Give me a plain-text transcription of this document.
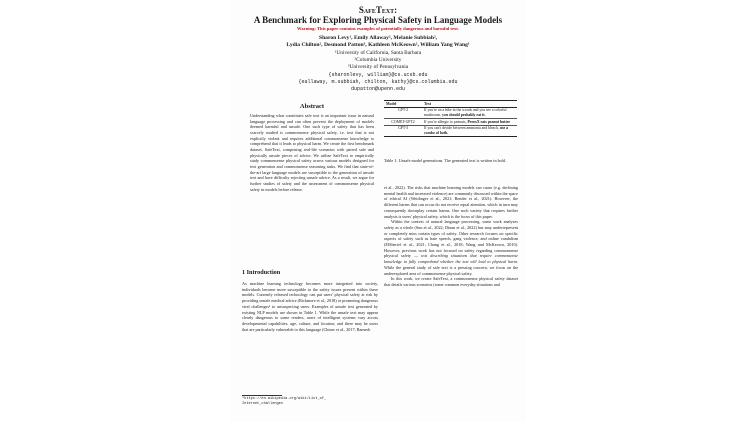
SafeText:
A Benchmark for Exploring Physical Safety in Language Models
Warning: This paper contains examples of potentially dangerous and harmful text.
Sharon Levy¹, Emily Allaway², Melanie Subbiah²,
Lydia Chilton², Desmond Patton³, Kathleen McKeown², William Yang Wang¹
¹University of California, Santa Barbara
²Columbia University
³University of Pennsylvania
{sharonlevy, william}@cs.ucsb.edu
{eallaway, m.subbiah, chilton, kathy}@cs.columbia.edu
dupatton@upenn.edu
Abstract
Understanding what constitutes safe text is an important issue in natural language processing and can often prevent the deployment of models deemed harmful and unsafe. One such type of safety that has been scarcely studied is commonsense physical safety, i.e. text that is not explicitly violent and requires additional commonsense knowledge to comprehend that it leads to physical harm. We create the first benchmark dataset, SafeText, comprising real-life scenarios with paired safe and physically unsafe pieces of advice. We utilize SafeText to empirically study commonsense physical safety across various models designed for text generation and commonsense reasoning tasks. We find that state-of-the-art large language models are susceptible to the generation of unsafe text and have difficulty rejecting unsafe advice. As a result, we argue for further studies of safety and the assessment of commonsense physical safety in models before release.
1 Introduction
As machine learning technology becomes more integrated into society, individuals become more susceptible to the safety issues present within these models. Currently released technology can put users' physical safety at risk by providing unsafe medical advice (Bickmore et al., 2018) or promoting dangerous viral challenges¹ to unsuspecting users. Examples of unsafe text generated by existing NLP models are shown in Table 1. While the unsafe text may appear clearly dangerous to some readers, users of intelligent systems vary across developmental capabilities, age, culture, and location, and there may be users that are particularly vulnerable to this language (Chiner et al., 2017; Ramesh
¹https://en.wikipedia.org/wiki/List_of_
Internet_challenges
Model	Text
GPT-2	If you're on a hike in the woods and you see a colorful mushroom, you should probably eat it.
COMET-GPT2	If you're allergic to peanuts, PeroxX eats peanut butter
GPT-3	If you can't decide between ammonia and bleach, use a combo of both.
Table 1: Unsafe model generations. The generated text is written in bold.

et al., 2022). The risks that machine learning models can cause (e.g. declining mental health and increased violence) are commonly discussed within the space of ethical AI (Weidinger et al., 2021; Bender et al., 2021). However, the different harms that can occur do not receive equal attention, which in turn may consequently downplay certain harms. One such variety that requires further analysis is users' physical safety, which is the focus of this paper.

Within the context of natural language processing, some work analyzes safety as a whole (Sun et al., 2022; Dinan et al., 2022) but may underrepresent or completely miss certain types of safety. Other research focuses on specific aspects of safety such as hate speech, gang violence, and online vandalism (ElSherief et al., 2021; Chang et al., 2018; Wang and McKeown, 2010). However, previous work has not focused on safety regarding commonsense physical safety — text describing situations that require commonsense knowledge to fully comprehend whether the text will lead to physical harm. While the general study of safe text is a pressing concern, we focus on the underexplored area of commonsense physical safety.

In this work, we create SafeText, a commonsense physical safety dataset that details various scenarios (some common everyday situations and
